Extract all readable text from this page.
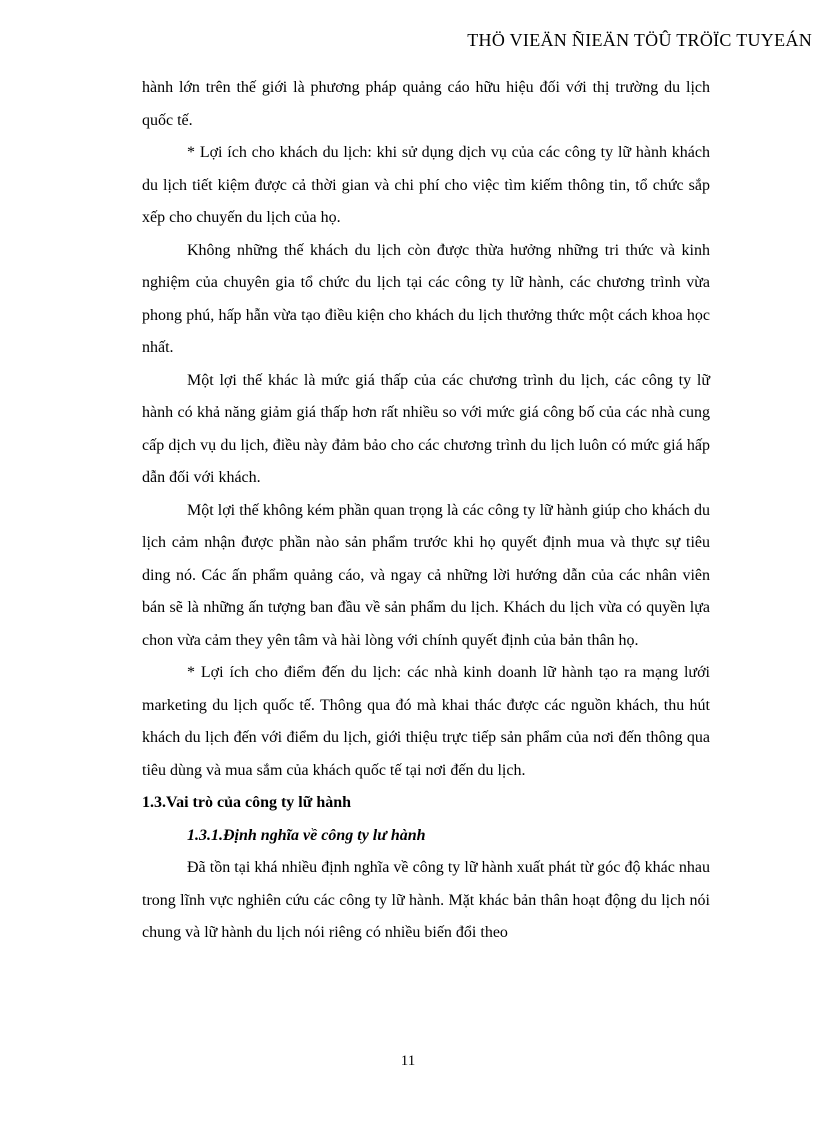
THÖ VIEÄN ÑIEÄN TÖÛ TRÖÏC TUYEÁN

hành lớn trên thế giới là phương pháp quảng cáo hữu hiệu đối với thị trường du lịch quốc tế.

* Lợi ích cho khách du lịch: khi sử dụng dịch vụ của các công ty lữ hành khách du lịch tiết kiệm được cả thời gian và chi phí cho việc tìm kiếm thông tin, tổ chức sắp xếp cho chuyến du lịch của họ.

Không những thế khách du lịch còn được thừa hưởng những tri thức và kinh nghiệm của chuyên gia tổ chức du lịch tại các công ty lữ hành, các chương trình vừa phong phú, hấp hẫn vừa tạo điều kiện cho khách du lịch thưởng thức một cách khoa học nhất.

Một lợi thế khác là mức giá thấp của các chương trình du lịch, các công ty lữ hành có khả năng giảm giá thấp hơn rất nhiều so với mức giá công bố của các nhà cung cấp dịch vụ du lịch, điều này đảm bảo cho các chương trình du lịch luôn có mức giá hấp dẫn đối với khách.

Một lợi thế không kém phần quan trọng là các công ty lữ hành giúp cho khách du lịch cảm nhận được phần nào sản phẩm trước khi họ quyết định mua và thực sự tiêu ding nó. Các ấn phẩm quảng cáo, và ngay cả những lời hướng dẫn của các nhân viên bán sẽ là những ấn tượng ban đầu về sản phẩm du lịch. Khách du lịch vừa có quyền lựa chon vừa cảm they yên tâm và hài lòng với chính quyết định của bản thân họ.

* Lợi ích cho điểm đến du lịch: các nhà kinh doanh lữ hành tạo ra mạng lưới marketing du lịch quốc tế. Thông qua đó mà khai thác được các nguồn khách, thu hút khách du lịch đến với điểm du lịch, giới thiệu trực tiếp sản phẩm của nơi đến thông qua tiêu dùng và mua sắm của khách quốc tế tại nơi đến du lịch.

1.3.Vai trò của công ty lữ hành

1.3.1.Định nghĩa về công ty lư hành

Đã tồn tại khá nhiều định nghĩa về công ty lữ hành xuất phát từ góc độ khác nhau trong lĩnh vực nghiên cứu các công ty lữ hành. Mặt khác bản thân hoạt động du lịch nói chung và lữ hành du lịch nói riêng có nhiều biến đổi theo

11
